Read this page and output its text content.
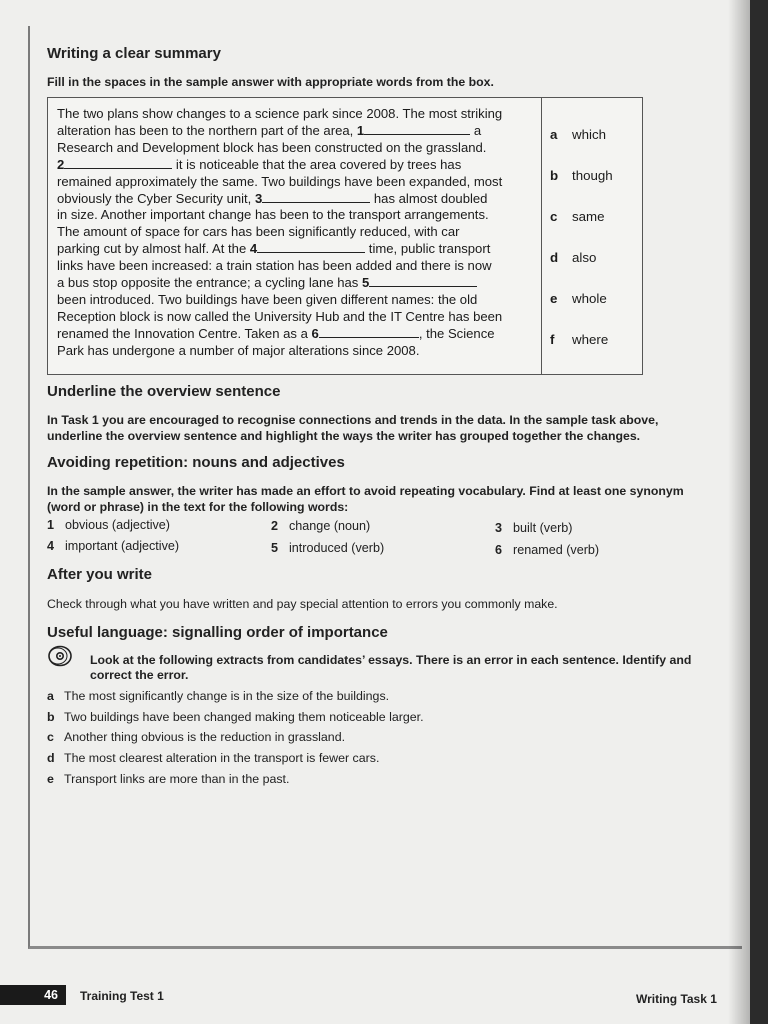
Writing a clear summary
Fill in the spaces in the sample answer with appropriate words from the box.
The two plans show changes to a science park since 2008. The most striking
alteration has been to the northern part of the area, 1	a
Research and Development block has been constructed on the grassland.
2	it is noticeable that the area covered by trees has
remained approximately the same. Two buildings have been expanded, most
obviously the Cyber Security unit, 3	has almost doubled
in size. Another important change has been to the transport arrangements.
The amount of space for cars has been significantly reduced, with car
parking cut by almost half. At the 4	time, public transport
links have been increased: a train station has been added and there is now
a bus stop opposite the entrance; a cycling lane has 5
been introduced. Two buildings have been given different names: the old
Reception block is now called the University Hub and the IT Centre has been
renamed the Innovation Centre. Taken as a 6	, the Science
Park has undergone a number of major alterations since 2008.
a which
b though
c same
d also
e whole
f where
Underline the overview sentence
In Task 1 you are encouraged to recognise connections and trends in the data. In the sample task above,
underline the overview sentence and highlight the ways the writer has grouped together the changes.
Avoiding repetition: nouns and adjectives
In the sample answer, the writer has made an effort to avoid repeating vocabulary. Find at least one synonym
(word or phrase) in the text for the following words:
1 obvious (adjective)	2 change (noun)	3 built (verb)
4 important (adjective)	5 introduced (verb)	6 renamed (verb)
After you write
Check through what you have written and pay special attention to errors you commonly make.
Useful language: signalling order of importance
Look at the following extracts from candidates’ essays. There is an error in each sentence. Identify and
correct the error.
a The most significantly change is in the size of the buildings.
b Two buildings have been changed making them noticeable larger.
c Another thing obvious is the reduction in grassland.
d The most clearest alteration in the transport is fewer cars.
e Transport links are more than in the past.
46	Training Test 1	Writing Task 1
